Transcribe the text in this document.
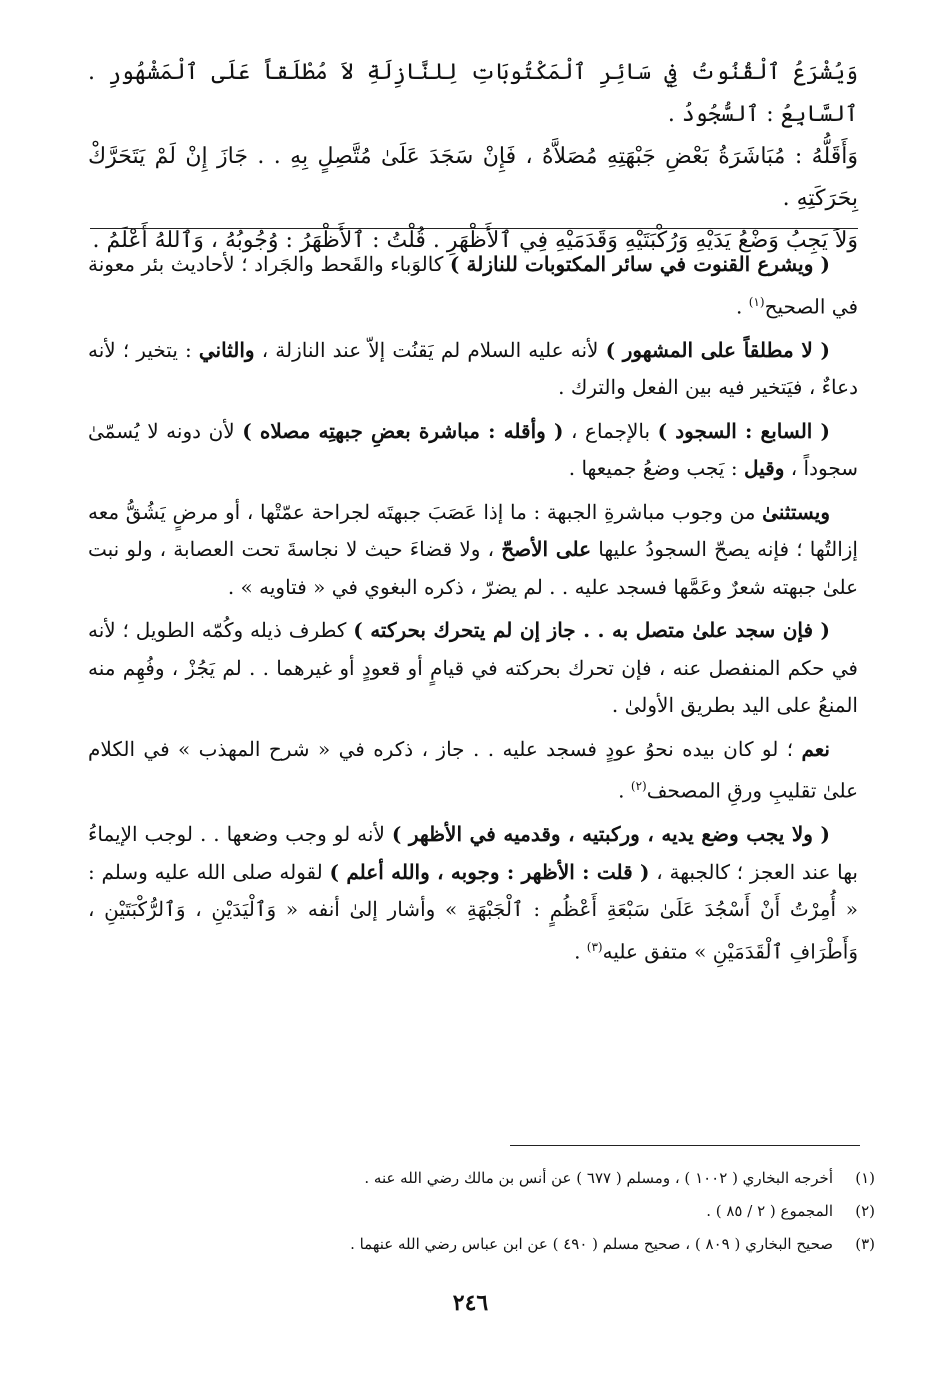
وَيُشْرَعُ ٱلْقُنُوتُ فِي سَائِرِ ٱلْمَكْتُوبَاتِ لِلنَّازِلَةِ لاَ مُطْلَقاً عَلَى ٱلْمَشْهُورِ . ٱلسَّابِعُ : ٱلسُّجُودُ .

وَأَقَلُّهُ : مُبَاشَرَةُ بَعْضِ جَبْهَتِهِ مُصَلاَّهُ ، فَإِنْ سَجَدَ عَلَىٰ مُتَّصِلٍ بِهِ . . جَازَ إِنْ لَمْ يَتَحَرَّكْ بِحَرَكَتِهِ .

وَلاَ يَجِبُ وَضْعُ يَدَيْهِ وَرُكْبَتَيْهِ وَقَدَمَيْهِ فِي ٱلأَظْهَرِ . قُلْتُ : ٱلأَظْهَرُ : وُجُوبُهُ ، وَٱللهُ أَعْلَمُ .

( ويشرع القنوت في سائر المكتوبات للنازلة ) كالوَباء والقَحط والجَراد ؛ لأحاديث بئر معونة في الصحيح$^{(١)}$ .

( لا مطلقاً على المشهور ) لأنه عليه السلام لم يَقنُت إلاّ عند النازلة ، والثاني : يتخير ؛ لأنه دعاءٌ ، فيَتخير فيه بين الفعل والترك .

( السابع : السجود ) بالإجماع ، ( وأقله : مباشرة بعضِ جبهتِه مصلاه ) لأن دونه لا يُسمّىٰ سجوداً ، وقيل : يَجب وضعُ جميعها .

ويستثنىٰ من وجوب مباشرةِ الجبهة : ما إذا عَصَبَ جبهتَه لجراحة عمّتْها ، أو مرضٍ يَشُقُّ معه إزالتُها ؛ فإنه يصحّ السجودُ عليها على الأصحّ ، ولا قضاءَ حيث لا نجاسةَ تحت العصابة ، ولو نبت علىٰ جبهته شعرٌ وعَمَّها فسجد عليه . . لم يضرّ ، ذكره البغوي في « فتاويه » .

( فإن سجد علىٰ متصل به . . جاز إن لم يتحرك بحركته ) كطرف ذيله وكُمّه الطويل ؛ لأنه في حكم المنفصل عنه ، فإن تحرك بحركته في قيامٍ أو قعودٍ أو غيرهما . . لم يَجُزْ ، وفُهِم منه المنعُ على اليد بطريق الأولىٰ .

نعم ؛ لو كان بيده نحوُ عودٍ فسجد عليه . . جاز ، ذكره في « شرح المهذب » في الكلام علىٰ تقليبِ ورقِ المصحف$^{(٢)}$ .

( ولا يجب وضع يديه ، وركبتيه ، وقدميه في الأظهر ) لأنه لو وجب وضعها . . لوجب الإيماءُ بها عند العجز ؛ كالجبهة ، ( قلت : الأظهر : وجوبه ، والله أعلم ) لقوله صلى الله عليه وسلم : « أُمِرْتُ أَنْ أَسْجُدَ عَلَىٰ سَبْعَةِ أَعْظُمٍ : ٱلْجَبْهَةِ » وأشار إلىٰ أنفه « وَٱلْيَدَيْنِ ، وَٱلرُّكْبَتَيْنِ ، وَأَطْرَافِ ٱلْقَدَمَيْنِ » متفق عليه$^{(٣)}$ .

(١)
أخرجه البخاري ( ١٠٠٢ ) ، ومسلم ( ٦٧٧ ) عن أنس بن مالك رضي الله عنه .
(٢)
المجموع ( ٢ / ٨٥ ) .
(٣)
صحيح البخاري ( ٨٠٩ ) ، صحيح مسلم ( ٤٩٠ ) عن ابن عباس رضي الله عنهما .
٢٤٦
